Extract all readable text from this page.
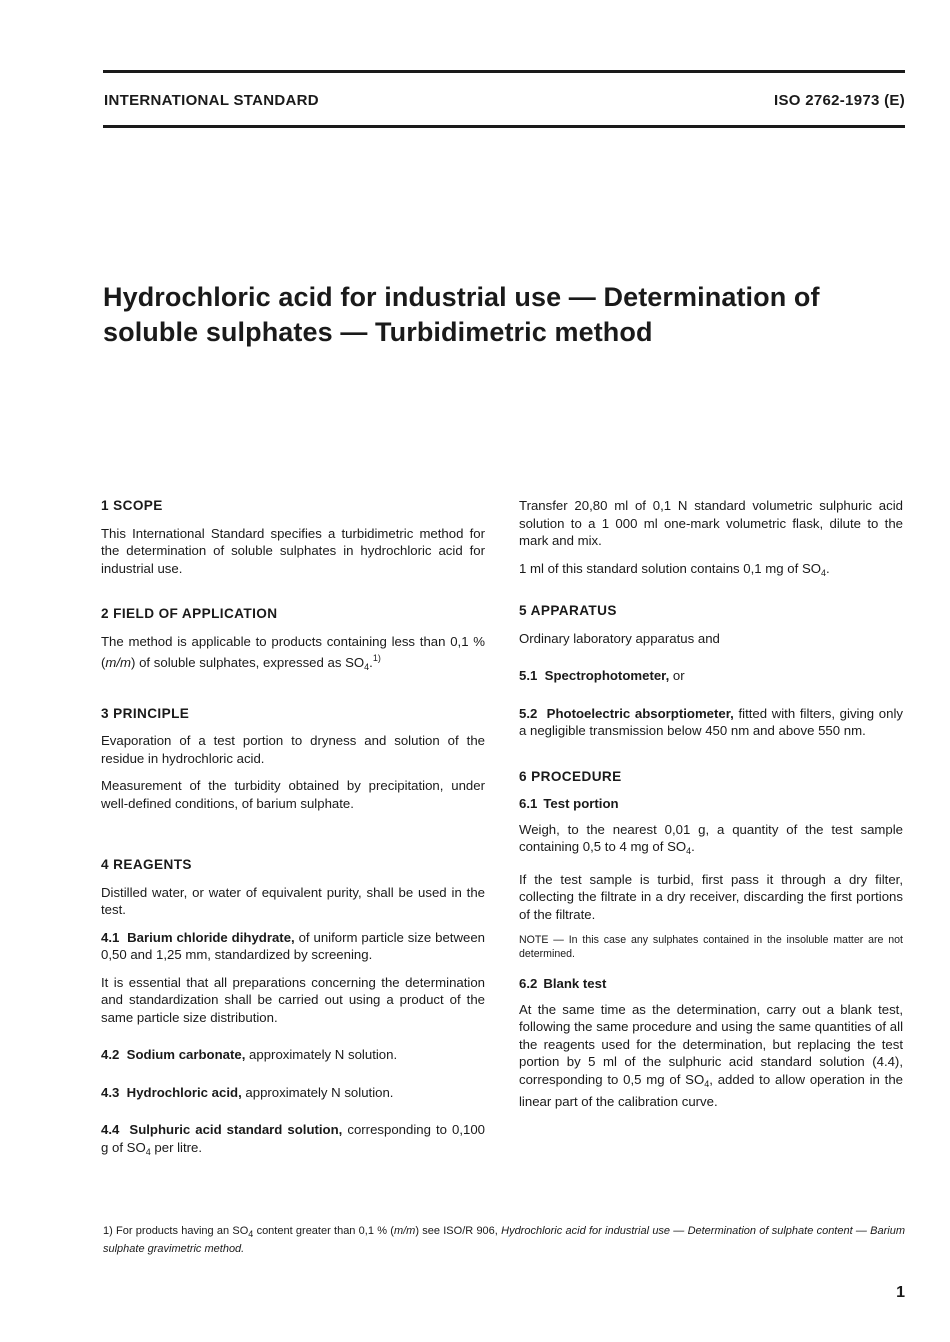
INTERNATIONAL STANDARD	ISO 2762-1973 (E)
Hydrochloric acid for industrial use — Determination of soluble sulphates — Turbidimetric method
1 SCOPE

This International Standard specifies a turbidimetric method for the determination of soluble sulphates in hydrochloric acid for industrial use.

2 FIELD OF APPLICATION

The method is applicable to products containing less than 0,1 % (m/m) of soluble sulphates, expressed as $SO_4.^{1)}$

3 PRINCIPLE

Evaporation of a test portion to dryness and solution of the residue in hydrochloric acid.

Measurement of the turbidity obtained by precipitation, under well-defined conditions, of barium sulphate.

4 REAGENTS

Distilled water, or water of equivalent purity, shall be used in the test.

4.1 Barium chloride dihydrate, of uniform particle size between 0,50 and 1,25 mm, standardized by screening.

It is essential that all preparations concerning the determination and standardization shall be carried out using a product of the same particle size distribution.

4.2 Sodium carbonate, approximately N solution.

4.3 Hydrochloric acid, approximately N solution.

4.4 Sulphuric acid standard solution, corresponding to 0,100 g of $SO_4$ per litre.

Transfer 20,80 ml of 0,1 N standard volumetric sulphuric acid solution to a 1 000 ml one-mark volumetric flask, dilute to the mark and mix.

1 ml of this standard solution contains 0,1 mg of $SO_4$.

5 APPARATUS

Ordinary laboratory apparatus and

5.1 Spectrophotometer, or

5.2 Photoelectric absorptiometer, fitted with filters, giving only a negligible transmission below 450 nm and above 550 nm.

6 PROCEDURE
6.1 Test portion

Weigh, to the nearest 0,01 g, a quantity of the test sample containing 0,5 to 4 mg of $SO_4$.

If the test sample is turbid, first pass it through a dry filter, collecting the filtrate in a dry receiver, discarding the first portions of the filtrate.

NOTE — In this case any sulphates contained in the insoluble matter are not determined.

6.2 Blank test

At the same time as the determination, carry out a blank test, following the same procedure and using the same quantities of all the reagents used for the determination, but replacing the test portion by 5 ml of the sulphuric acid standard solution (4.4), corresponding to 0,5 mg of $SO_4$, added to allow operation in the linear part of the calibration curve.

1) For products having an $SO_4$ content greater than 0,1 % (m/m) see ISO/R 906, Hydrochloric acid for industrial use — Determination of sulphate content — Barium sulphate gravimetric method.
1
